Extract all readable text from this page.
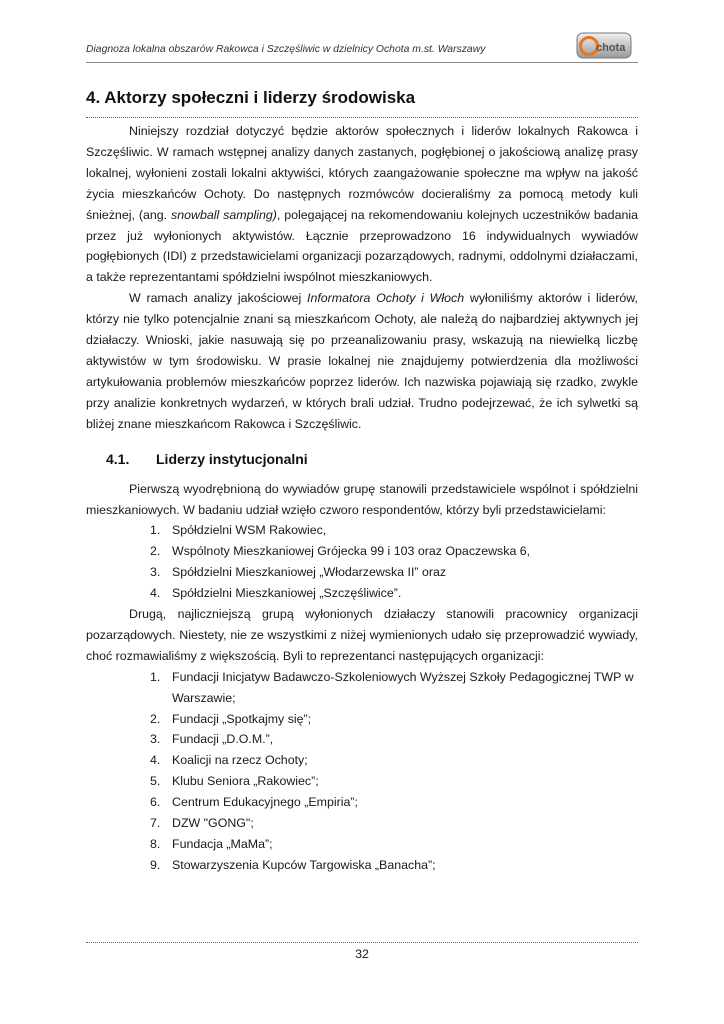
Diagnoza lokalna obszarów Rakowca i Szczęśliwic w dzielnicy Ochota m.st. Warszawy	chota
4. Aktorzy społeczni i liderzy środowiska

Niniejszy rozdział dotyczyć będzie aktorów społecznych i liderów lokalnych Rakowca i Szczęśliwic. W ramach wstępnej analizy danych zastanych, pogłębionej o jakościową analizę prasy lokalnej, wyłonieni zostali lokalni aktywiści, których zaangażowanie społeczne ma wpływ na jakość życia mieszkańców Ochoty. Do następnych rozmówców docieraliśmy za pomocą metody kuli śnieżnej, (ang. snowball sampling), polegającej na rekomendowaniu kolejnych uczestników badania przez już wyłonionych aktywistów. Łącznie przeprowadzono 16 indywidualnych wywiadów pogłębionych (IDI) z przedstawicielami organizacji pozarządowych, radnymi, oddolnymi działaczami, a także reprezentantami spółdzielni iwspólnot mieszkaniowych.

W ramach analizy jakościowej Informatora Ochoty i Włoch wyłoniliśmy aktorów i liderów, którzy nie tylko potencjalnie znani są mieszkańcom Ochoty, ale należą do najbardziej aktywnych jej działaczy. Wnioski, jakie nasuwają się po przeanalizowaniu prasy, wskazują na niewielką liczbę aktywistów w tym środowisku. W prasie lokalnej nie znajdujemy potwierdzenia dla możliwości artykułowania problemów mieszkańców poprzez liderów. Ich nazwiska pojawiają się rzadko, zwykle przy analizie konkretnych wydarzeń, w których brali udział. Trudno podejrzewać, że ich sylwetki są bliżej znane mieszkańcom Rakowca i Szczęśliwic.

4.1. Liderzy instytucjonalni

Pierwszą wyodrębnioną do wywiadów grupę stanowili przedstawiciele wspólnot i spółdzielni mieszkaniowych. W badaniu udział wzięło czworo respondentów, którzy byli przedstawicielami:

1. Spółdzielni WSM Rakowiec,
2. Wspólnoty Mieszkaniowej Grójecka 99 i 103 oraz Opaczewska 6,
3. Spółdzielni Mieszkaniowej „Włodarzewska II” oraz
4. Spółdzielni Mieszkaniowej „Szczęśliwice”.

Drugą, najliczniejszą grupą wyłonionych działaczy stanowili pracownicy organizacji pozarządowych. Niestety, nie ze wszystkimi z niżej wymienionych udało się przeprowadzić wywiady, choć rozmawialiśmy z większością. Byli to reprezentanci następujących organizacji:

1. Fundacji Inicjatyw Badawczo-Szkoleniowych Wyższej Szkoły Pedagogicznej TWP w Warszawie;
2. Fundacji „Spotkajmy się”;
3. Fundacji „D.O.M.”,
4. Koalicji na rzecz Ochoty;
5. Klubu Seniora „Rakowiec”;
6. Centrum Edukacyjnego „Empiria”;
7. DZW "GONG";
8. Fundacja „MaMa”;
9. Stowarzyszenia Kupców Targowiska „Banacha”;
32
